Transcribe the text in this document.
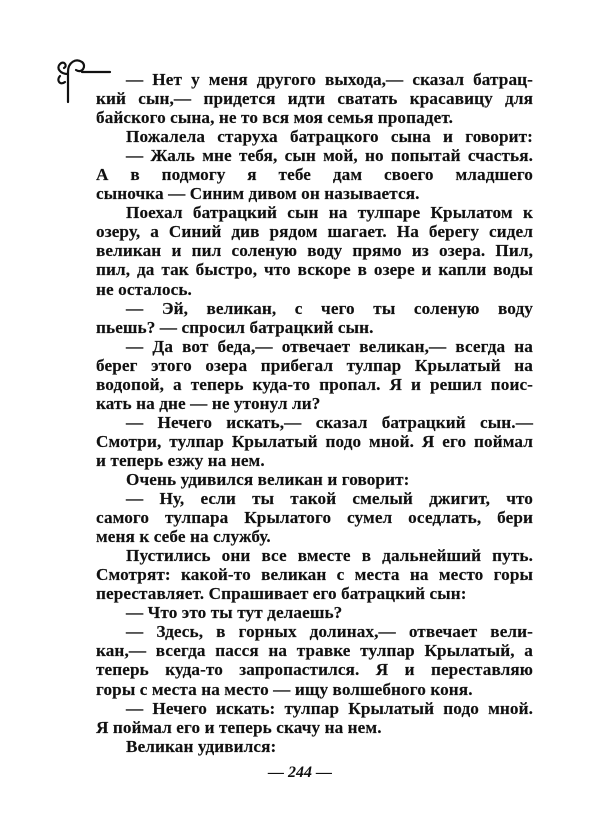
— Нет у меня другого выхода,— сказал батрац-
кий сын,— придется идти сватать красавицу для
байского сына, не то вся моя семья пропадет.
Пожалела старуха батрацкого сына и говорит:
— Жаль мне тебя, сын мой, но попытай счастья.
А в подмогу я тебе дам своего младшего
сыночка — Синим дивом он называется.
Поехал батрацкий сын на тулпаре Крылатом к
озеру, а Синий див рядом шагает. На берегу сидел
великан и пил соленую воду прямо из озера. Пил,
пил, да так быстро, что вскоре в озере и капли воды
не осталось.
— Эй, великан, с чего ты соленую воду
пьешь? — спросил батрацкий сын.
— Да вот беда,— отвечает великан,— всегда на
берег этого озера прибегал тулпар Крылатый на
водопой, а теперь куда-то пропал. Я и решил поис-
кать на дне — не утонул ли?
— Нечего искать,— сказал батрацкий сын.—
Смотри, тулпар Крылатый подо мной. Я его поймал
и теперь езжу на нем.
Очень удивился великан и говорит:
— Ну, если ты такой смелый джигит, что
самого тулпара Крылатого сумел оседлать, бери
меня к себе на службу.
Пустились они все вместе в дальнейший путь.
Смотрят: какой-то великан с места на место горы
переставляет. Спрашивает его батрацкий сын:
— Что это ты тут делаешь?
— Здесь, в горных долинах,— отвечает вели-
кан,— всегда пасся на травке тулпар Крылатый, а
теперь куда-то запропастился. Я и переставляю
горы с места на место — ищу волшебного коня.
— Нечего искать: тулпар Крылатый подо мной.
Я поймал его и теперь скачу на нем.
Великан удивился:
— 244 —
